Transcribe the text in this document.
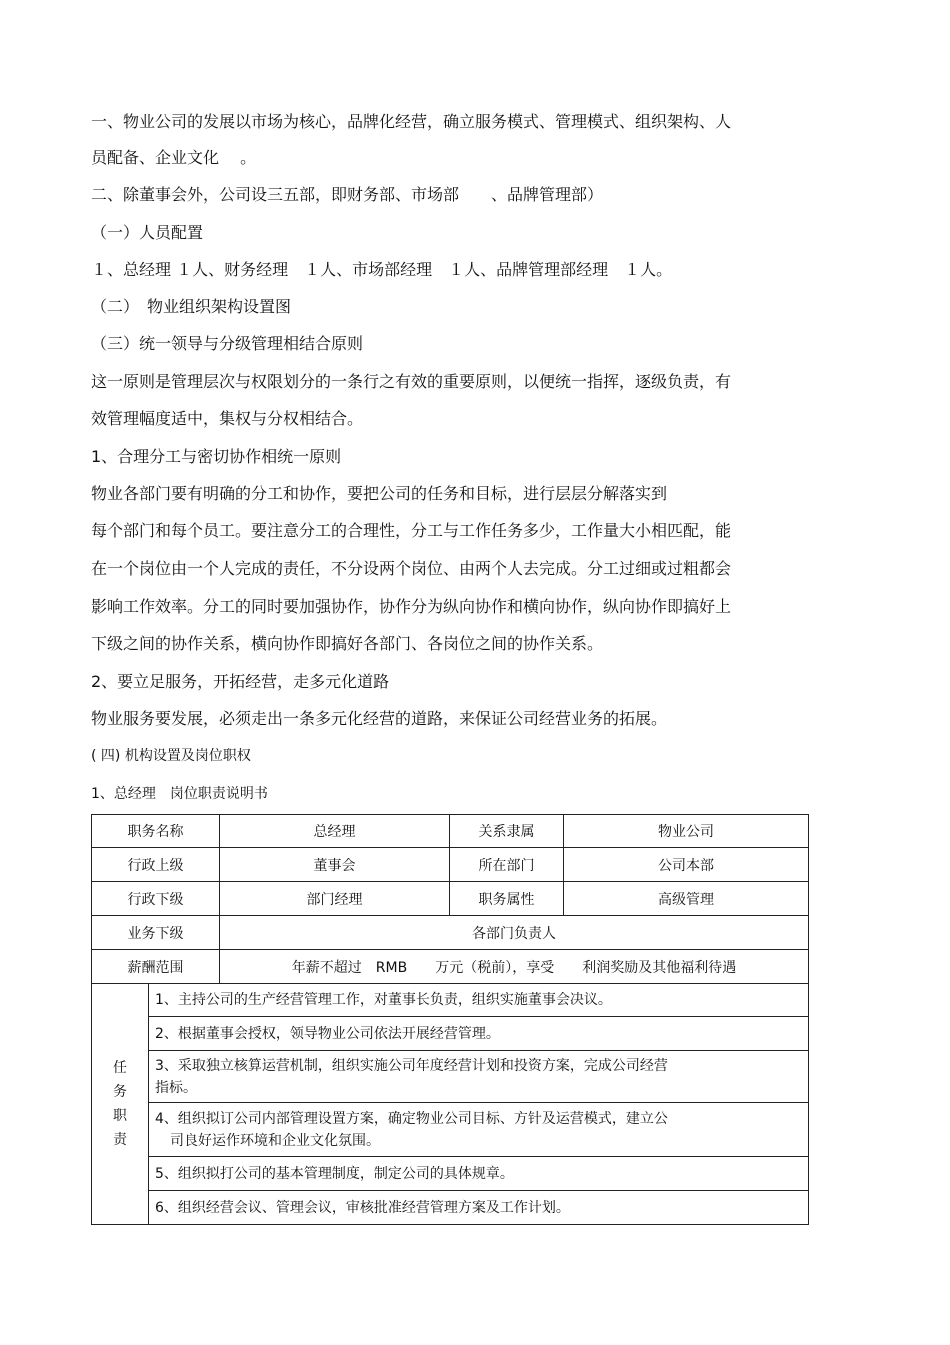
一、物业公司的发展以市场为核心，品牌化经营，确立服务模式、管理模式、组织架构、人

员配备、企业文化 　。

二、除董事会外，公司设三五部，即财务部、市场部　　、品牌管理部）

（一）人员配置

１、总经理 １人、财务经理　１人、市场部经理　１人、品牌管理部经理　１人。

（二）　物业组织架构设置图

（三）统一领导与分级管理相结合原则

这一原则是管理层次与权限划分的一条行之有效的重要原则，以便统一指挥，逐级负责，有

效管理幅度适中，集权与分权相结合。

1、合理分工与密切协作相统一原则

物业各部门要有明确的分工和协作，要把公司的任务和目标，进行层层分解落实到

每个部门和每个员工。要注意分工的合理性，分工与工作任务多少，工作量大小相匹配，能

在一个岗位由一个人完成的责任，不分设两个岗位、由两个人去完成。分工过细或过粗都会

影响工作效率。分工的同时要加强协作，协作分为纵向协作和横向协作，纵向协作即搞好上

下级之间的协作关系，横向协作即搞好各部门、各岗位之间的协作关系。

2、要立足服务，开拓经营，走多元化道路

物业服务要发展，必须走出一条多元化经营的道路，来保证公司经营业务的拓展。

( 四) 机构设置及岗位职权

1、总经理　岗位职责说明书

职务名称		总经理	关系隶属	物业公司
行政上级		董事会	所在部门	公司本部
行政下级		部门经理	职务属性	高级管理
业务下级		各部门负责人		
薪酬范围		年薪不超过　RMB　　万元（税前），享受　　利润奖励及其他福利待遇		

任
务
职
责	1、主持公司的生产经营管理工作，对董事长负责，组织实施董事会决议。			

	2、根据董事会授权，领导物业公司依法开展经营管理。			

	3、采取独立核算运营机制，组织实施公司年度经营计划和投资方案，完成公司经营
指标。			

	4、组织拟订公司内部管理设置方案，确定物业公司目标、方针及运营模式，建立公
司良好运作环境和企业文化氛围。			

	5、组织拟打公司的基本管理制度，制定公司的具体规章。			

	6、组织经营会议、管理会议，审核批准经营管理方案及工作计划。			
